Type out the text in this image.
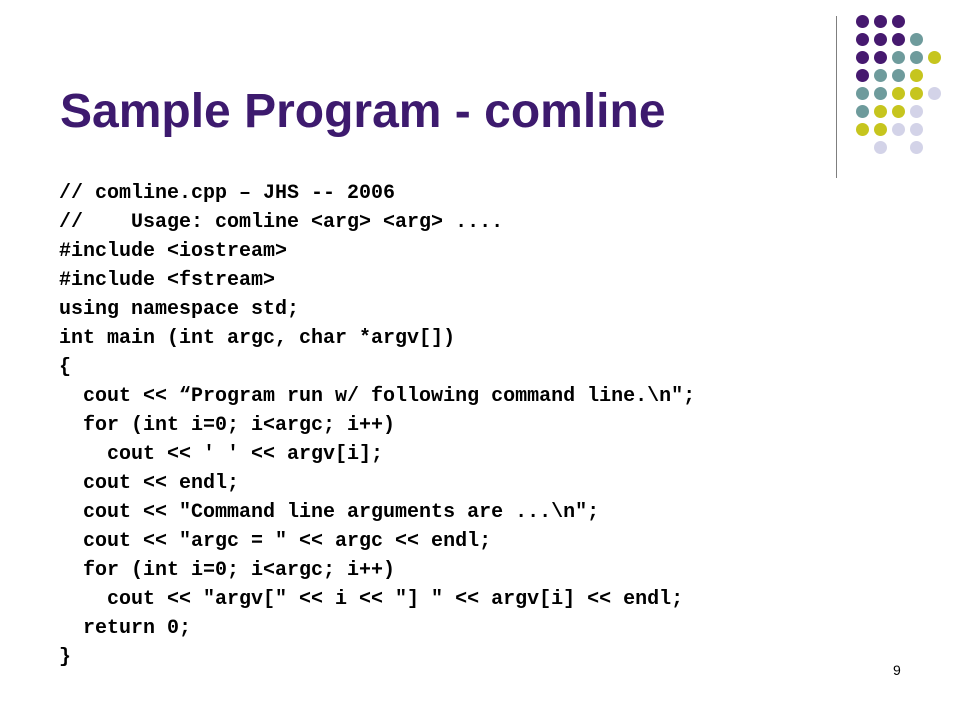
Sample Program - comline
// comline.cpp – JHS -- 2006
//    Usage: comline <arg> <arg> ....
#include <iostream>
#include <fstream>
using namespace std;
int main (int argc, char *argv[])
{
cout << “Program run w/ following command line.\n";
for (int i=0; i<argc; i++)
cout << ' ' << argv[i];
cout << endl;
cout << "Command line arguments are ...\n";
cout << "argc = " << argc << endl;
for (int i=0; i<argc; i++)
cout << "argv[" << i << "] " << argv[i] << endl;
return 0;
}
9
